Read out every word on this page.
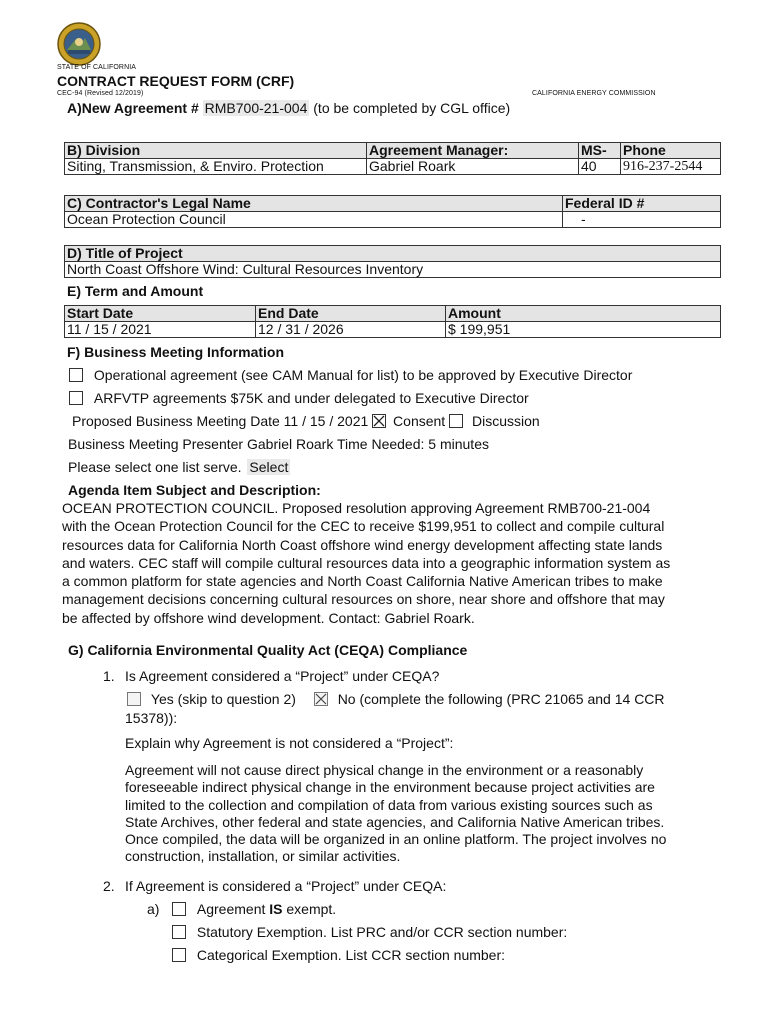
STATE OF CALIFORNIA
CONTRACT REQUEST FORM (CRF)
CEC-94 (Revised 12/2019)	CALIFORNIA ENERGY COMMISSION
A)New Agreement # RMB700-21-004 (to be completed by CGL office)
B) Division	Agreement Manager:	MS-	Phone
Siting, Transmission, & Enviro. Protection	Gabriel Roark	40	916-237-2544
C) Contractor's Legal Name	Federal ID #
Ocean Protection Council	-
D) Title of Project
North Coast Offshore Wind: Cultural Resources Inventory
E) Term and Amount
Start Date	End Date	Amount
11 / 15 / 2021	12 / 31 / 2026	$ 199,951
F) Business Meeting Information
Operational agreement (see CAM Manual for list) to be approved by Executive Director
ARFVTP agreements $75K and under delegated to Executive Director
Proposed Business Meeting Date 11 / 15 / 2021 Consent Discussion
Business Meeting Presenter Gabriel Roark Time Needed: 5 minutes
Please select one list serve. Select
Agenda Item Subject and Description:
OCEAN PROTECTION COUNCIL. Proposed resolution approving Agreement RMB700-21-004
with the Ocean Protection Council for the CEC to receive $199,951 to collect and compile cultural
resources data for California North Coast offshore wind energy development affecting state lands
and waters. CEC staff will compile cultural resources data into a geographic information system as
a common platform for state agencies and North Coast California Native American tribes to make
management decisions concerning cultural resources on shore, near shore and offshore that may
be affected by offshore wind development. Contact: Gabriel Roark.
G) California Environmental Quality Act (CEQA) Compliance
1. Is Agreement considered a “Project” under CEQA?
Yes (skip to question 2)	No (complete the following (PRC 21065 and 14 CCR
15378)):
Explain why Agreement is not considered a “Project”:
Agreement will not cause direct physical change in the environment or a reasonably
foreseeable indirect physical change in the environment because project activities are
limited to the collection and compilation of data from various existing sources such as
State Archives, other federal and state agencies, and California Native American tribes.
Once compiled, the data will be organized in an online platform. The project involves no
construction, installation, or similar activities.
2. If Agreement is considered a “Project” under CEQA:
a)	Agreement IS exempt.
Statutory Exemption. List PRC and/or CCR section number:
Categorical Exemption. List CCR section number:
